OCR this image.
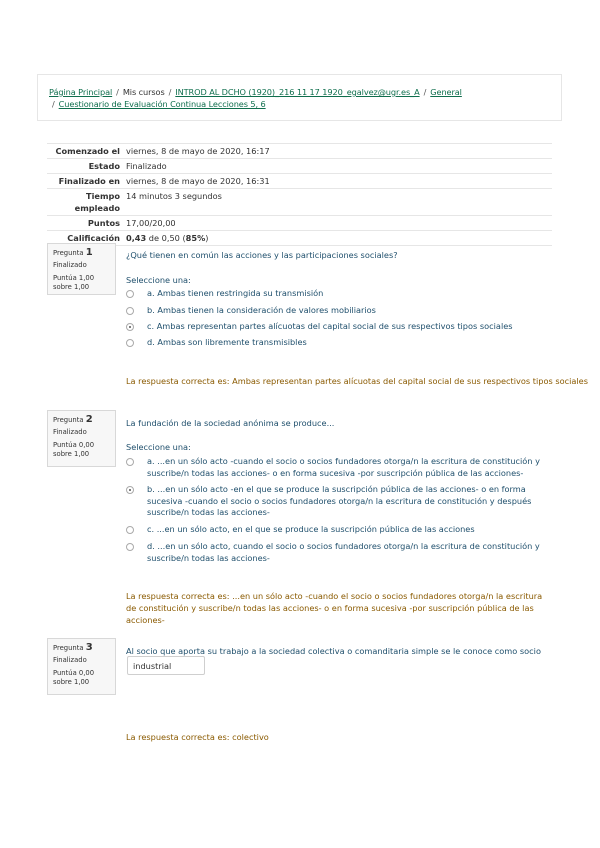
Página Principal / Mis cursos / INTROD AL DCHO (1920)_216 11 17 1920_egalvez@ugr.es_A / General
/ Cuestionario de Evaluación Continua Lecciones 5, 6
Comenzado el viernes, 8 de mayo de 2020, 16:17
Estado Finalizado
Finalizado en viernes, 8 de mayo de 2020, 16:31
Tiempo empleado
14 minutos 3 segundos
Puntos 17,00/20,00
Calificación 0,43 de 0,50 (85%)
Pregunta 1
Finalizado
Puntúa 1,00 sobre 1,00
¿Qué tienen en común las acciones y las participaciones sociales?
Seleccione una:
a. Ambas tienen restringida su transmisión
b. Ambas tienen la consideración de valores mobiliarios
c. Ambas representan partes alícuotas del capital social de sus respectivos tipos sociales
d. Ambas son libremente transmisibles
La respuesta correcta es: Ambas representan partes alícuotas del capital social de sus respectivos tipos sociales
Pregunta 2
Finalizado
Puntúa 0,00 sobre 1,00
La fundación de la sociedad anónima se produce...
Seleccione una:
a. ...en un sólo acto -cuando el socio o socios fundadores otorga/n la escritura de constitución y suscribe/n todas las acciones- o en forma sucesiva -por suscripción pública de las acciones-
b. ...en un sólo acto -en el que se produce la suscripción pública de las acciones- o en forma sucesiva -cuando el socio o socios fundadores otorga/n la escritura de constitución y después suscribe/n todas las acciones-
c. ...en un sólo acto, en el que se produce la suscripción pública de las acciones
d. ...en un sólo acto, cuando el socio o socios fundadores otorga/n la escritura de constitución y suscribe/n todas las acciones-
La respuesta correcta es: ...en un sólo acto -cuando el socio o socios fundadores otorga/n la escritura de constitución y suscribe/n todas las acciones- o en forma sucesiva -por suscripción pública de las acciones-
Pregunta 3
Finalizado
Puntúa 0,00 sobre 1,00
Al socio que aporta su trabajo a la sociedad colectiva o comanditaria simple se le conoce como socio
industrial
La respuesta correcta es: colectivo
